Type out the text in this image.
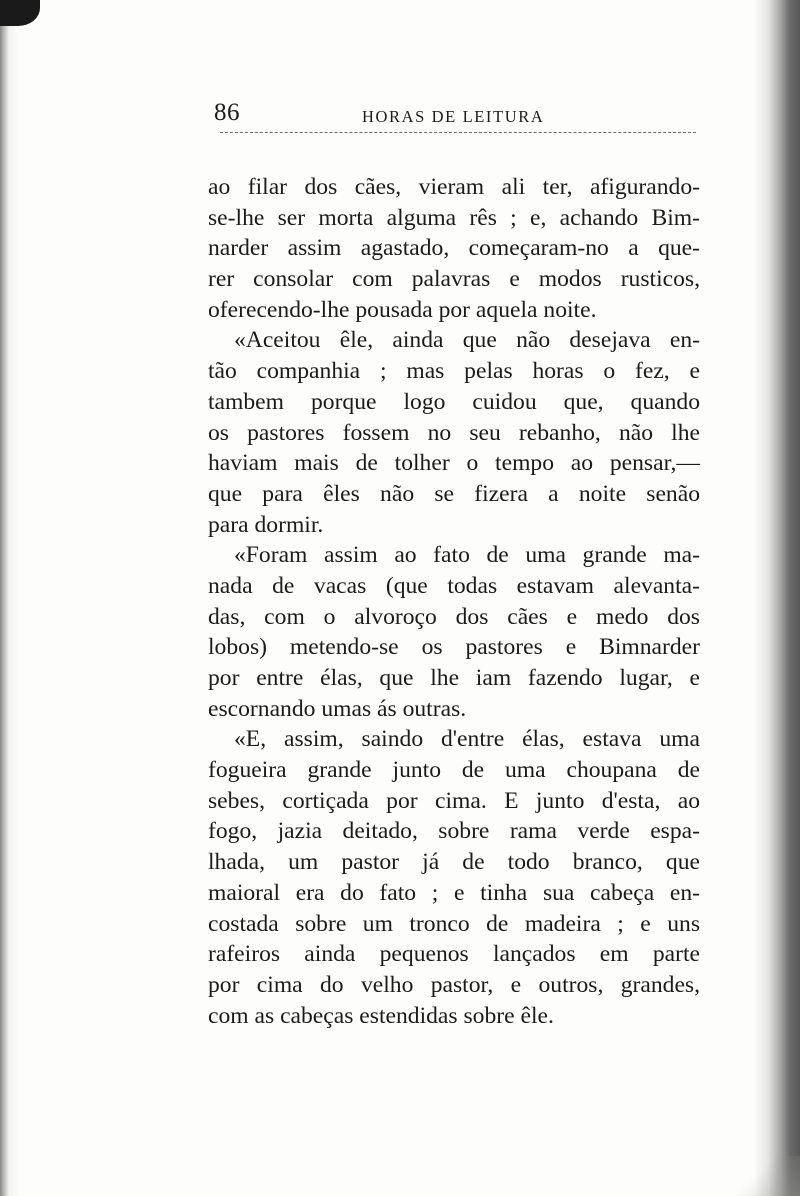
86	HORAS DE LEITURA
ao filar dos cães, vieram ali ter, afigurando-
se-lhe ser morta alguma rês ; e, achando Bim-
narder assim agastado, começaram-no a que-
rer consolar com palavras e modos rusticos,
oferecendo-lhe pousada por aquela noite.
«Aceitou êle, ainda que não desejava en-
tão companhia ; mas pelas horas o fez, e
tambem porque logo cuidou que, quando
os pastores fossem no seu rebanho, não lhe
haviam mais de tolher o tempo ao pensar,—
que para êles não se fizera a noite senão
para dormir.
«Foram assim ao fato de uma grande ma-
nada de vacas (que todas estavam alevanta-
das, com o alvoroço dos cães e medo dos
lobos) metendo-se os pastores e Bimnarder
por entre élas, que lhe iam fazendo lugar, e
escornando umas ás outras.
«E, assim, saindo d'entre élas, estava uma
fogueira grande junto de uma choupana de
sebes, cortiçada por cima. E junto d'esta, ao
fogo, jazia deitado, sobre rama verde espa-
lhada, um pastor já de todo branco, que
maioral era do fato ; e tinha sua cabeça en-
costada sobre um tronco de madeira ; e uns
rafeiros ainda pequenos lançados em parte
por cima do velho pastor, e outros, grandes,
com as cabeças estendidas sobre êle.
